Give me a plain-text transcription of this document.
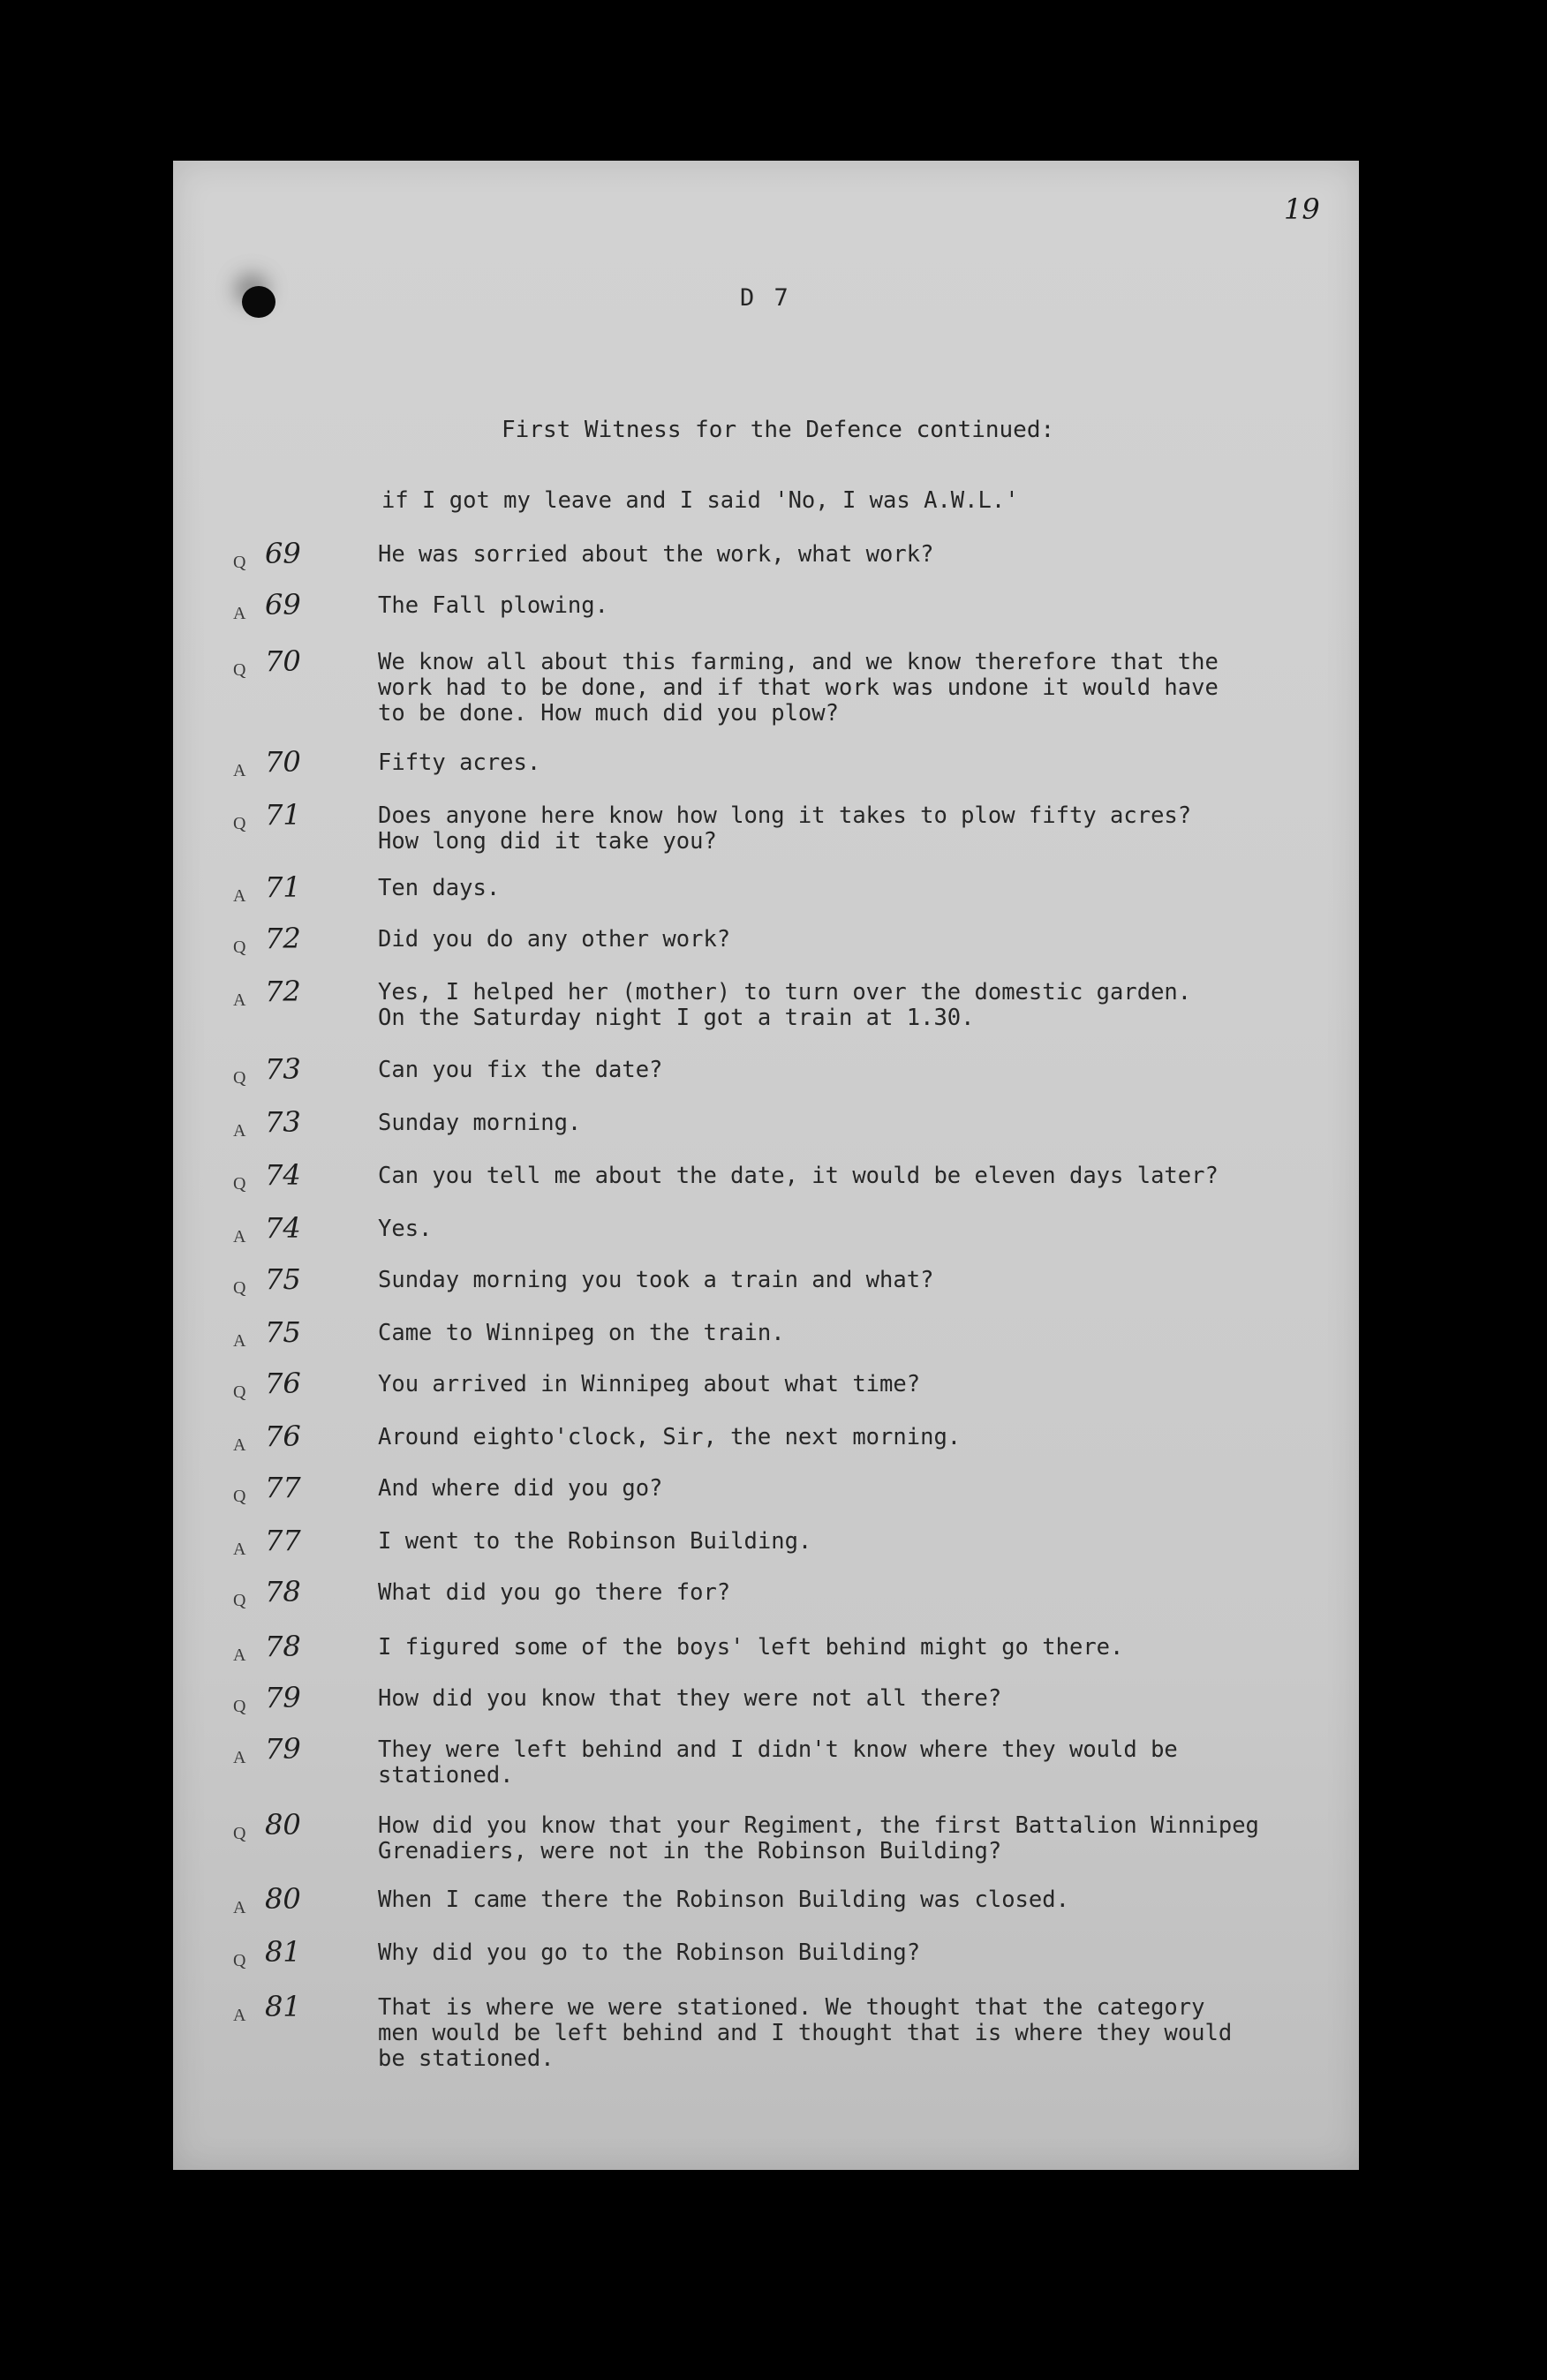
19
D 7
First Witness for the Defence continued:
if I got my leave and I said 'No, I was A.W.L.'
Q 69	He was sorried about the work, what work?
A 69	The Fall plowing.
Q 70	We know all about this farming, and we know therefore that the
work had to be done, and if that work was undone it would have
to be done. How much did you plow?
A 70	Fifty acres.
Q 71	Does anyone here know how long it takes to plow fifty acres?
How long did it take you?
A 71	Ten days.
Q 72	Did you do any other work?
A 72	Yes, I helped her (mother) to turn over the domestic garden.
On the Saturday night I got a train at 1.30.
Q 73	Can you fix the date?
A 73	Sunday morning.
Q 74	Can you tell me about the date, it would be eleven days later?
A 74	Yes.
Q 75	Sunday morning you took a train and what?
A 75	Came to Winnipeg on the train.
Q 76	You arrived in Winnipeg about what time?
A 76	Around eighto'clock, Sir, the next morning.
Q 77	And where did you go?
A 77	I went to the Robinson Building.
Q 78	What did you go there for?
A 78	I figured some of the boys' left behind might go there.
Q 79	How did you know that they were not all there?
A 79	They were left behind and I didn't know where they would be
stationed.
Q 80	How did you know that your Regiment, the first Battalion Winnipeg
Grenadiers, were not in the Robinson Building?
A 80	When I came there the Robinson Building was closed.
Q 81	Why did you go to the Robinson Building?
A 81	That is where we were stationed. We thought that the category
men would be left behind and I thought that is where they would
be stationed.
